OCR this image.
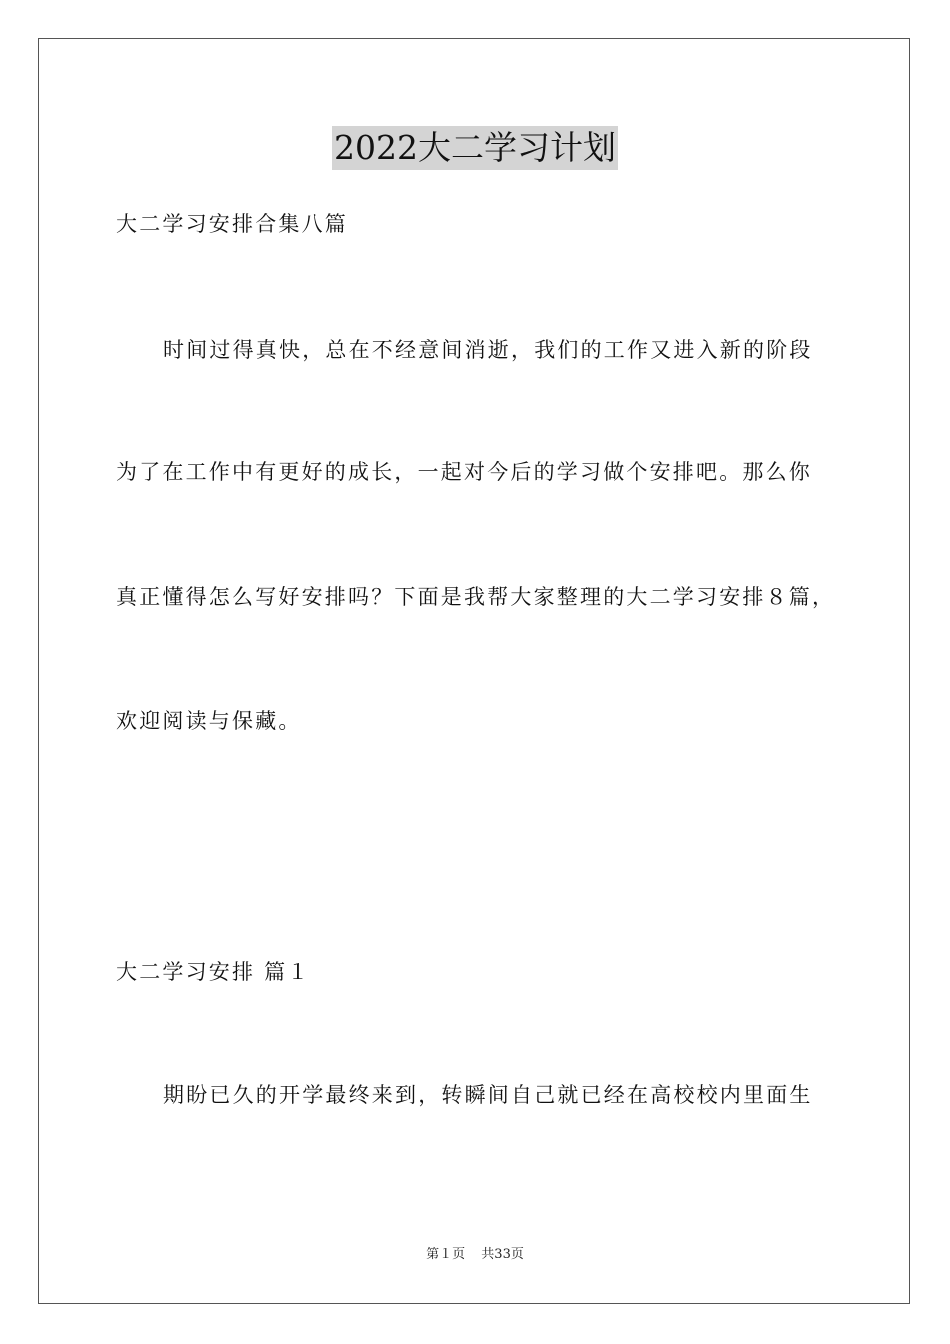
2022大二学习计划
大二学习安排合集八篇
时间过得真快，总在不经意间消逝，我们的工作又进入新的阶段
为了在工作中有更好的成长，一起对今后的学习做个安排吧。那么你
真正懂得怎么写好安排吗？下面是我帮大家整理的大二学习安排８篇，
欢迎阅读与保藏。
大二学习安排 篇１
期盼已久的开学最终来到，转瞬间自己就已经在高校校内里面生
第１页 共33页
